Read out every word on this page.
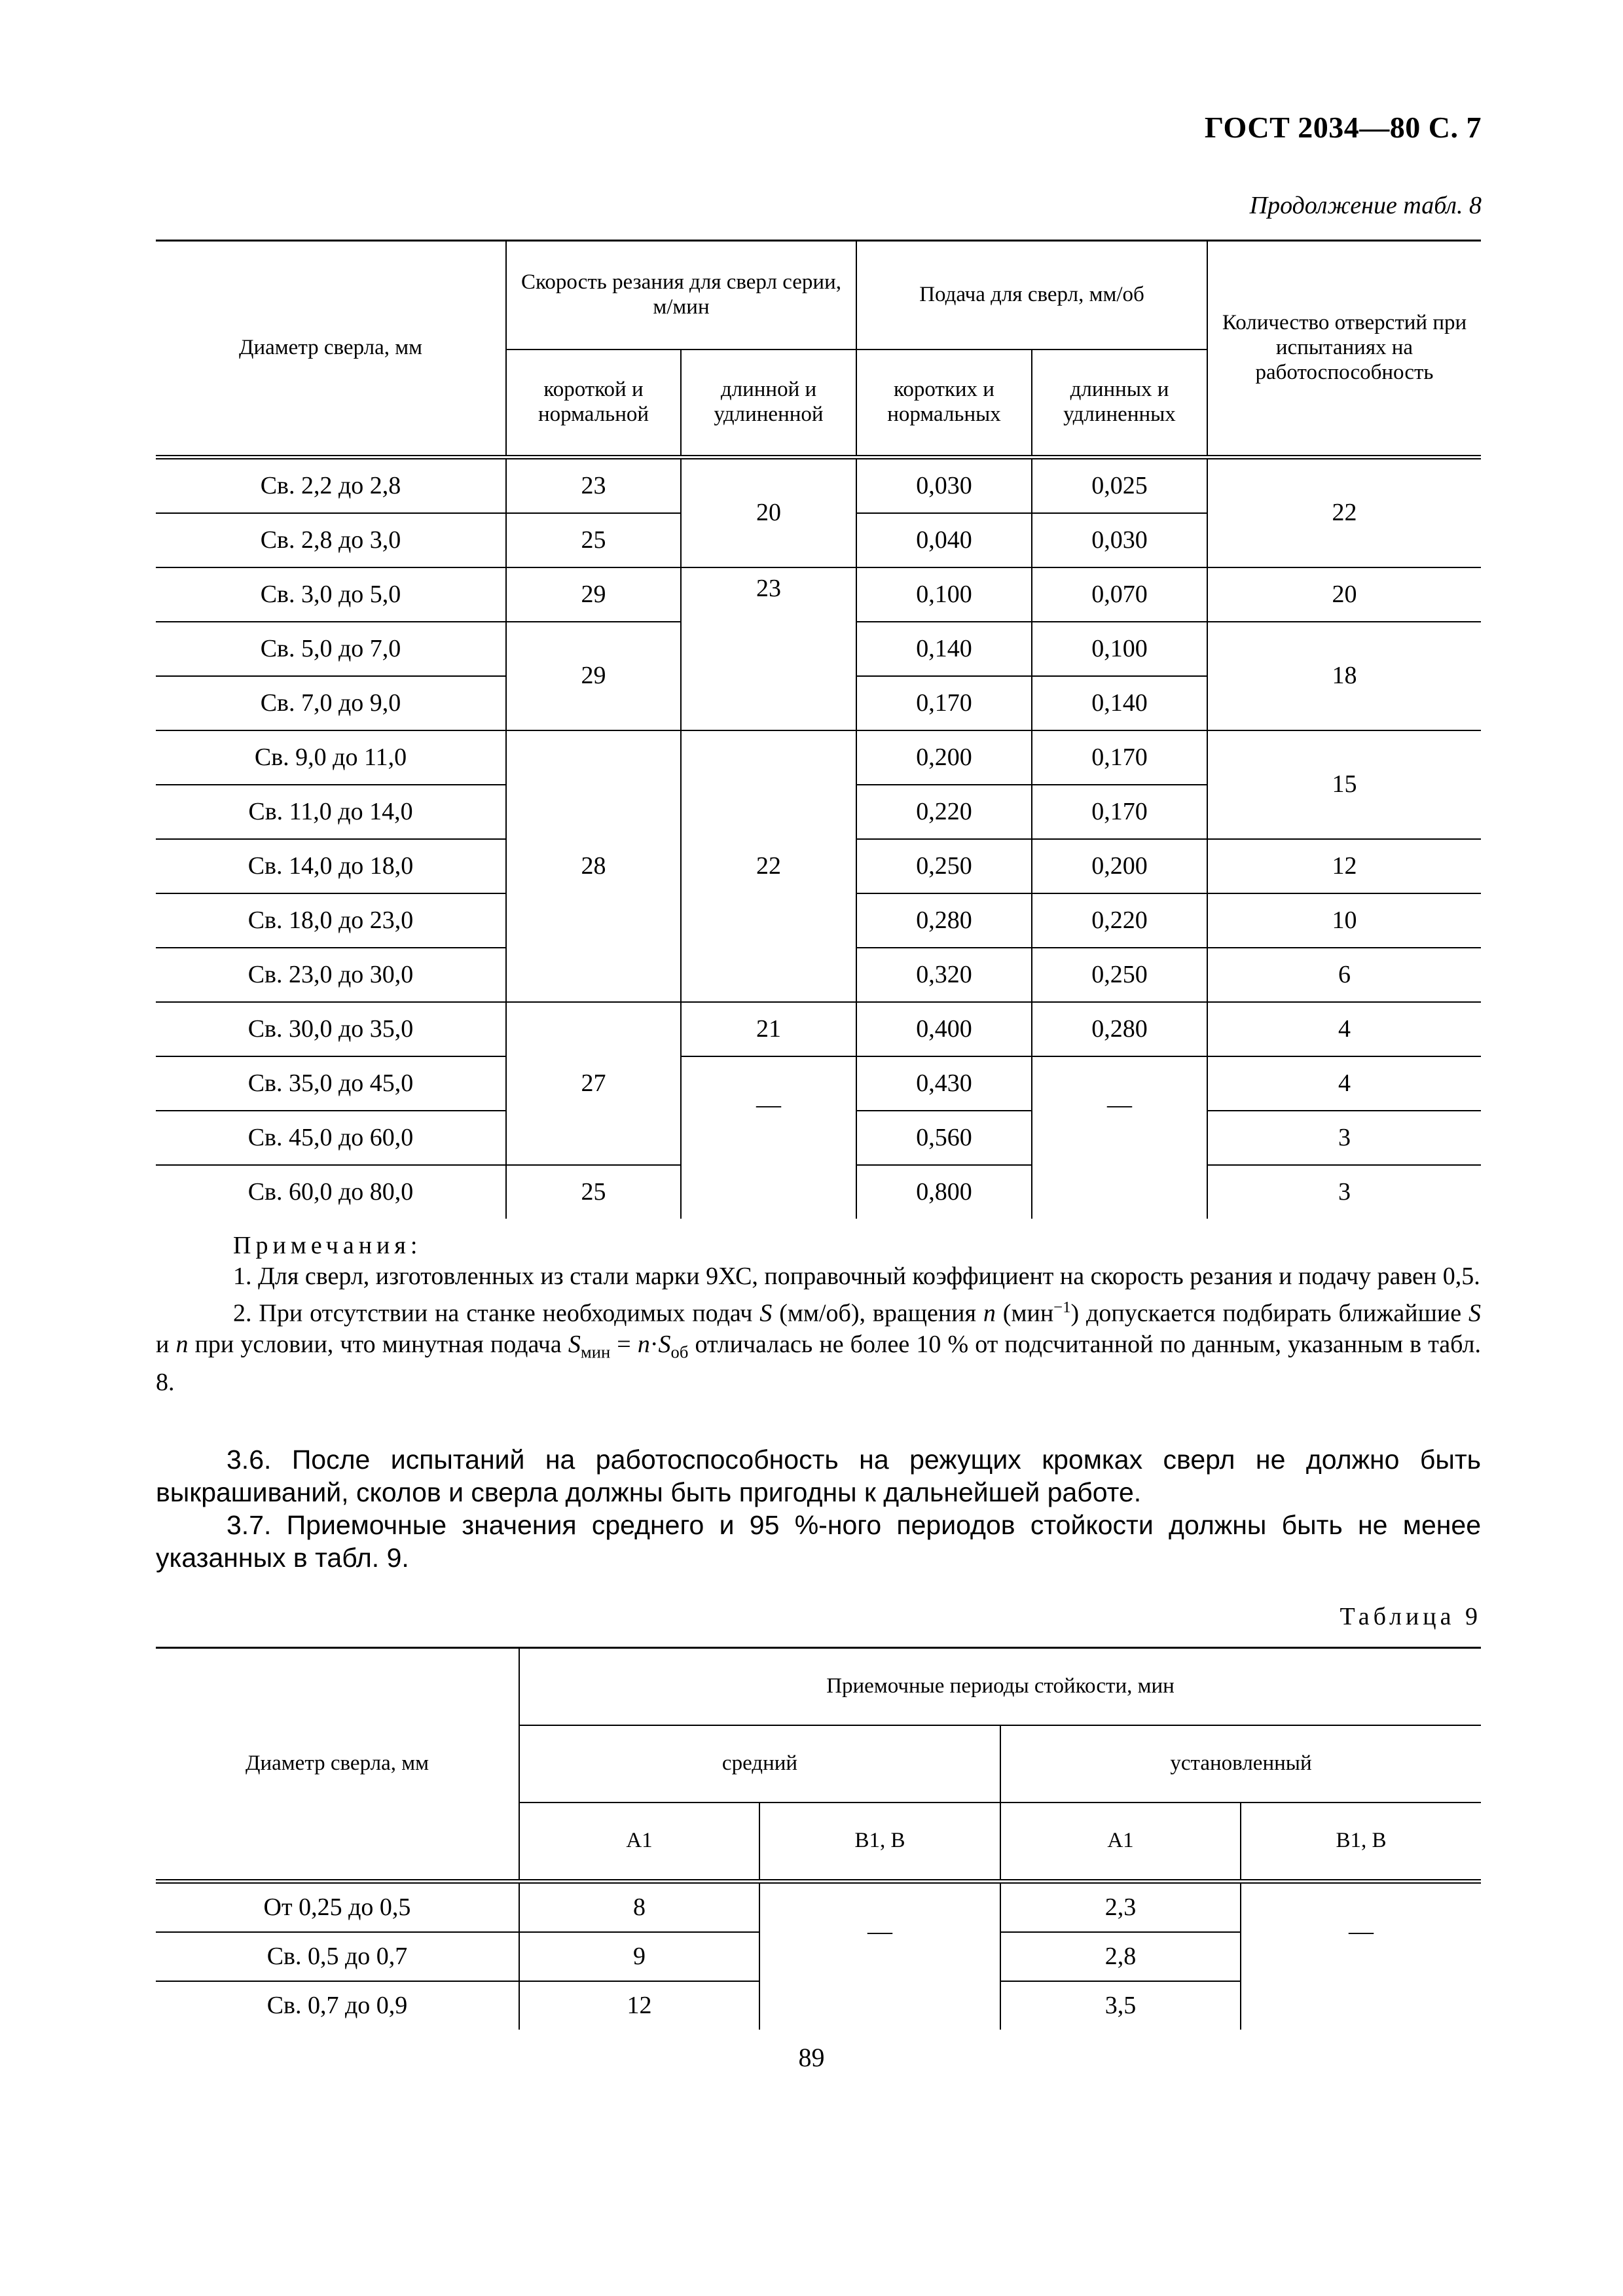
ГОСТ 2034—80 С. 7
Продолжение табл. 8
Диаметр сверла, мм	Скорость резания для сверл серии, м/мин		Подача для сверл, мм/об		Количество отверстий при испытаниях на работоспособность
	короткой и нормальной	длинной и удлиненной	коротких и нормальных	длинных и удлиненных	
Св. 2,2 до 2,8	23	20	0,030	0,025	22
Св. 2,8 до 3,0	25		0,040	0,030	
Св. 3,0 до 5,0	29	23	0,100	0,070	20
Св. 5,0 до 7,0	29		0,140	0,100	18
Св. 7,0 до 9,0			0,170	0,140	
Св. 9,0 до 11,0	28	22	0,200	0,170	15
Св. 11,0 до 14,0			0,220	0,170	
Св. 14,0 до 18,0			0,250	0,200	12
Св. 18,0 до 23,0			0,280	0,220	10
Св. 23,0 до 30,0			0,320	0,250	6
Св. 30,0 до 35,0	27	21	0,400	0,280	4
Св. 35,0 до 45,0		—	0,430	—	4
Св. 45,0 до 60,0			0,560		3
Св. 60,0 до 80,0	25		0,800		3
Примечания:

1. Для сверл, изготовленных из стали марки 9ХС, поправочный коэффициент на скорость резания и подачу равен 0,5.

2. При отсутствии на станке необходимых подач S (мм/об), вращения n (мин$^{-1}$) допускается подбирать ближайшие S и n при условии, что минутная подача $S_{мин} = n\cdot S_{об}$ отличалась не более 10 % от подсчитанной по данным, указанным в табл. 8.

3.6. После испытаний на работоспособность на режущих кромках сверл не должно быть выкрашиваний, сколов и сверла должны быть пригодны к дальнейшей работе.

3.7. Приемочные значения среднего и 95 %-ного периодов стойкости должны быть не менее указанных в табл. 9.

Таблица 9
Диаметр сверла, мм	Приемочные периоды стойкости, мин			
	средний		установленный	
	A1	B1, B	A1	B1, B
От 0,25 до 0,5	8	—	2,3	—
Св. 0,5 до 0,7	9		2,8	
Св. 0,7 до 0,9	12		3,5	
89
